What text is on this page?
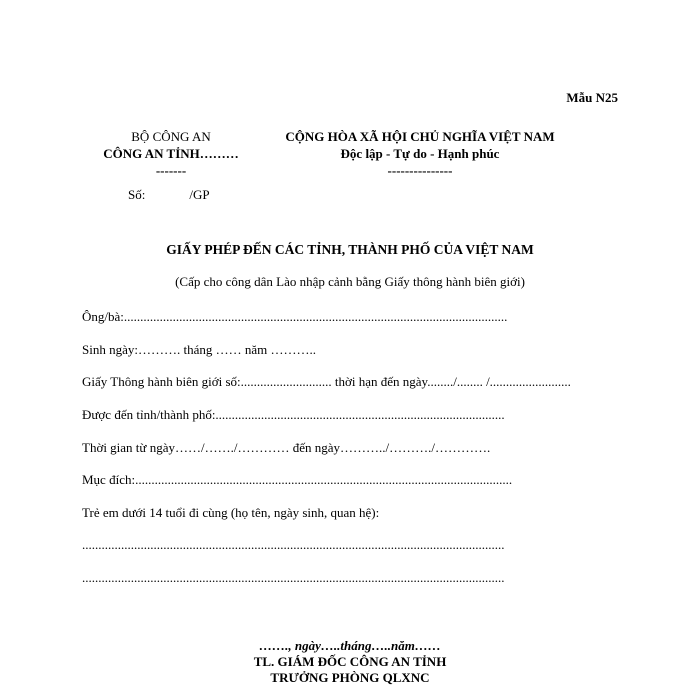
Mẫu N25
BỘ CÔNG AN
CÔNG AN TỈNH………
-------
CỘNG HÒA XÃ HỘI CHỦ NGHĨA VIỆT NAM
Độc lập - Tự do - Hạnh phúc
---------------
Số:	/GP
GIẤY PHÉP ĐẾN CÁC TỈNH, THÀNH PHỐ CỦA VIỆT NAM
(Cấp cho công dân Lào nhập cảnh bằng Giấy thông hành biên giới)
Ông/bà:......................................................................................................................
Sinh ngày:………. tháng …… năm ………..
Giấy Thông hành biên giới số:............................ thời hạn đến ngày......../........ /.........................
Được đến tỉnh/thành phố:.........................................................................................
Thời gian từ ngày……/……./………… đến ngày………../………./………….
Mục đích:....................................................................................................................
Trẻ em dưới 14 tuổi đi cùng (họ tên, ngày sinh, quan hệ):
..................................................................................................................................
..................................................................................................................................
……., ngày…..tháng…..năm……
TL. GIÁM ĐỐC CÔNG AN TỈNH
TRƯỞNG PHÒNG QLXNC
